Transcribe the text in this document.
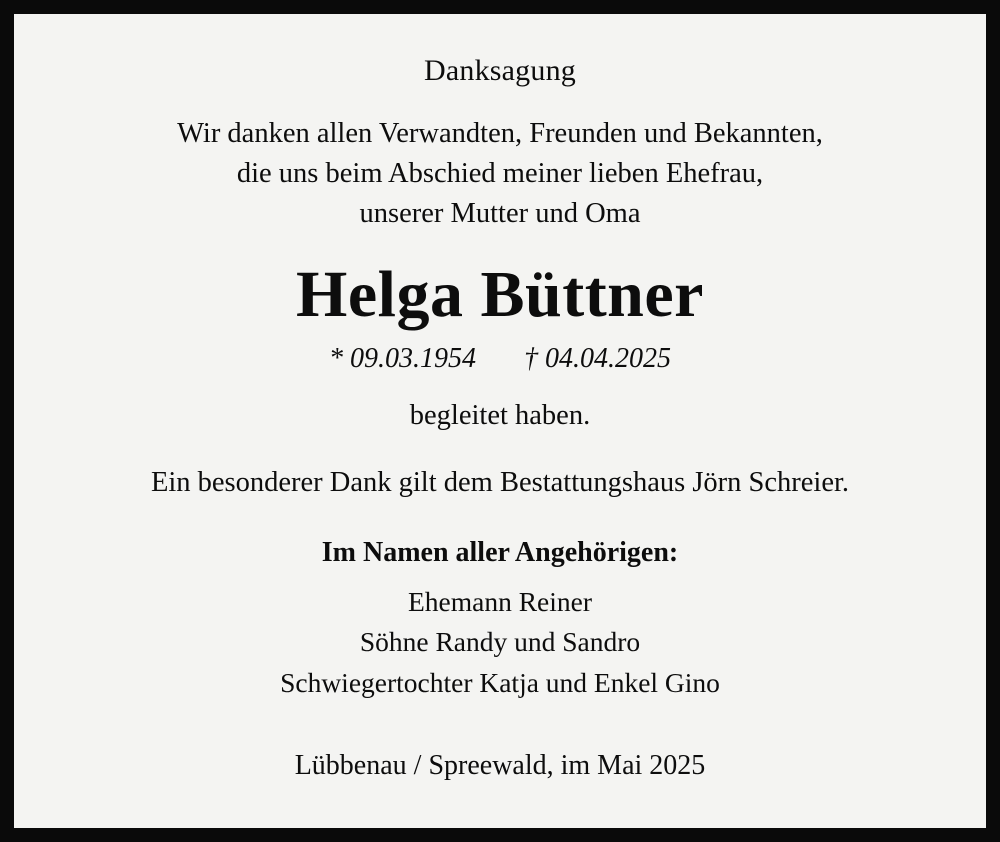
Danksagung
Wir danken allen Verwandten, Freunden und Bekannten,
die uns beim Abschied meiner lieben Ehefrau,
unserer Mutter und Oma
Helga Büttner
* 09.03.1954 † 04.04.2025
begleitet haben.
Ein besonderer Dank gilt dem Bestattungshaus Jörn Schreier.
Im Namen aller Angehörigen:
Ehemann Reiner
Söhne Randy und Sandro
Schwiegertochter Katja und Enkel Gino
Lübbenau / Spreewald, im Mai 2025
